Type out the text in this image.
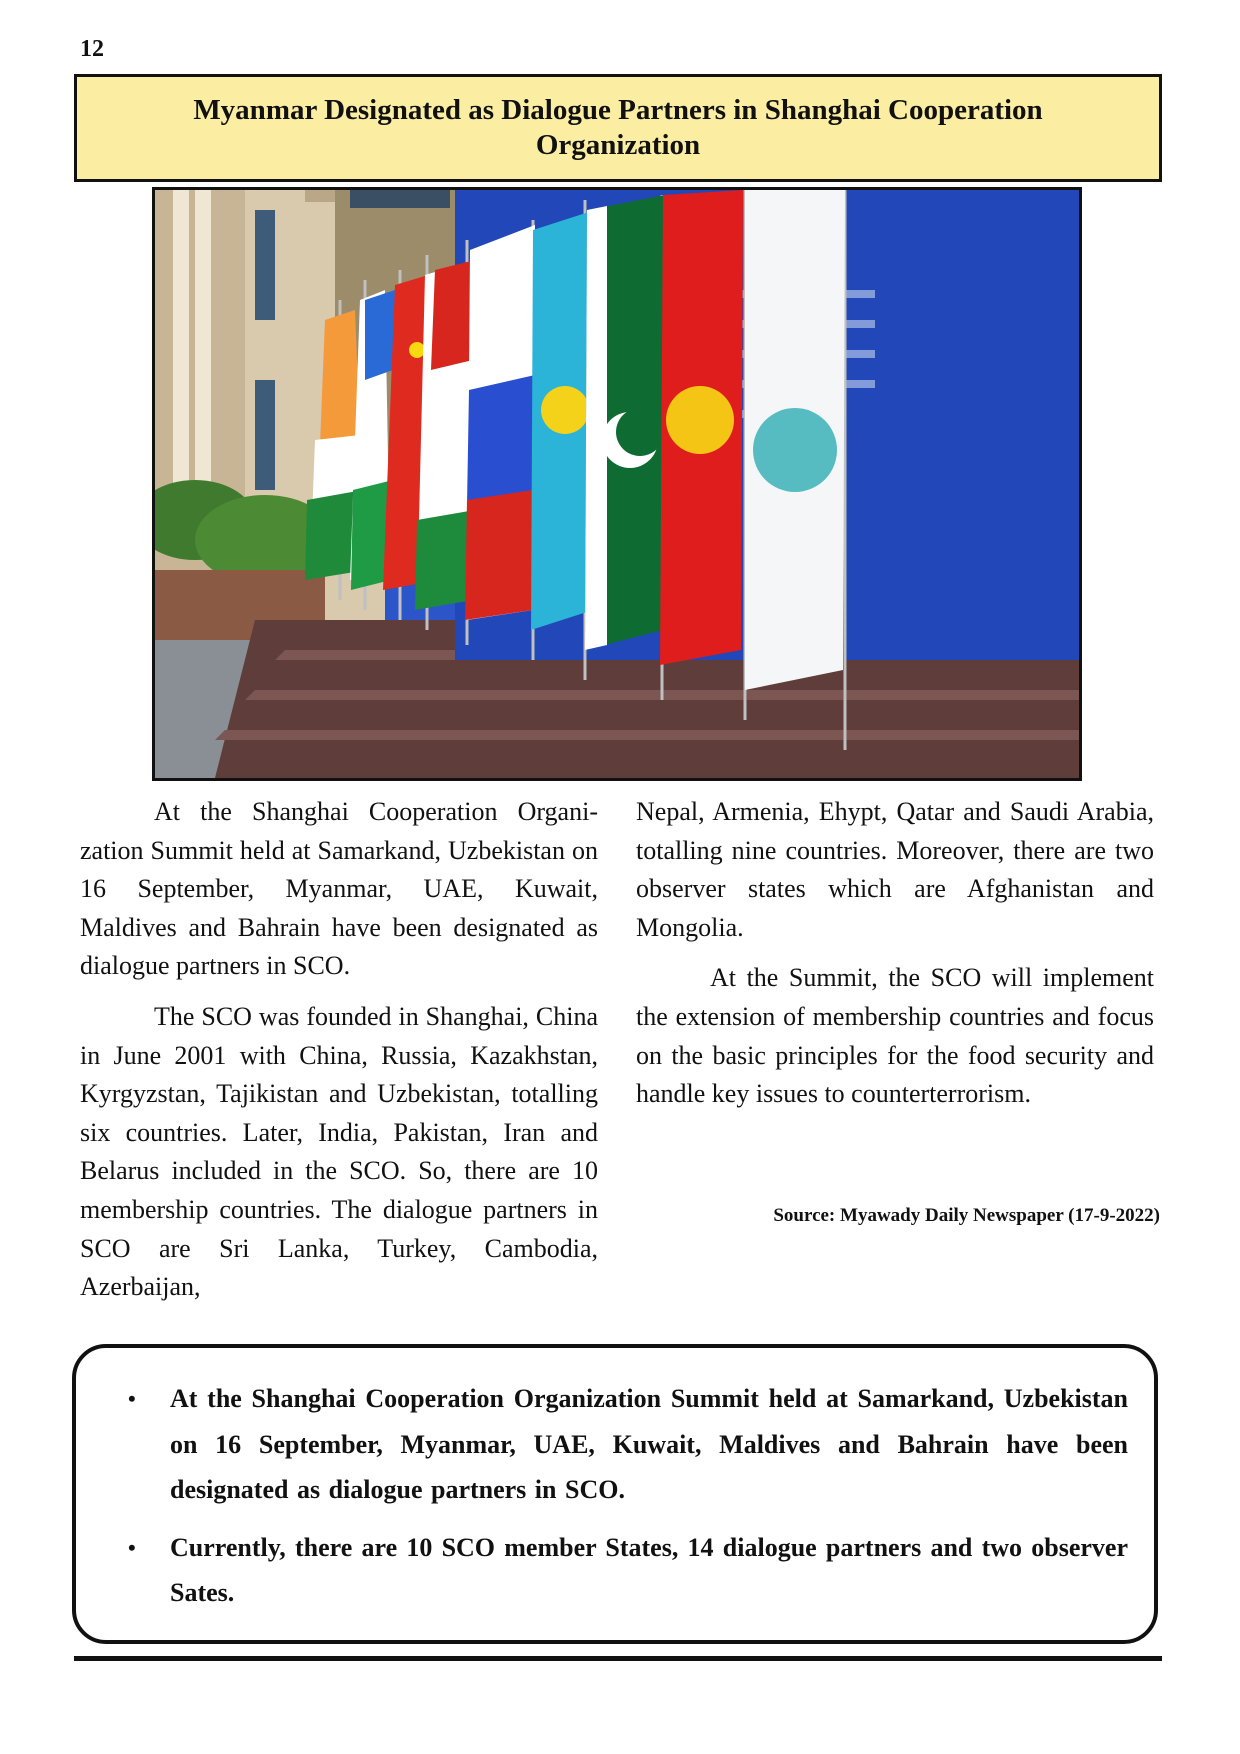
12
Myanmar Designated as Dialogue Partners in Shanghai Cooperation Organization

At the Shanghai Cooperation Organization Summit held at Samarkand, Uzbekistan on 16 September, Myanmar, UAE, Kuwait, Maldives and Bahrain have been designated as dialogue partners in SCO.

The SCO was founded in Shanghai, China in June 2001 with China, Russia, Kazakhstan, Kyrgyzstan, Tajikistan and Uzbekistan, totalling six countries. Later, India, Pakistan, Iran and Belarus included in the SCO. So, there are 10 membership countries. The dialogue partners in SCO are Sri Lanka, Turkey, Cambodia, Azerbaijan,

Nepal, Armenia, Ehypt, Qatar and Saudi Arabia, totalling nine countries. Moreover, there are two observer states which are Afghanistan and Mongolia.

At the Summit, the SCO will implement the extension of membership countries and focus on the basic principles for the food security and handle key issues to counterterrorism.

Source: Myawady Daily Newspaper (17-9-2022)
• At the Shanghai Cooperation Organization Summit held at Samarkand, Uzbekistan on 16 September, Myanmar, UAE, Kuwait, Maldives and Bahrain have been designated as dialogue partners in SCO.
• Currently, there are 10 SCO member States, 14 dialogue partners and two observer Sates.
